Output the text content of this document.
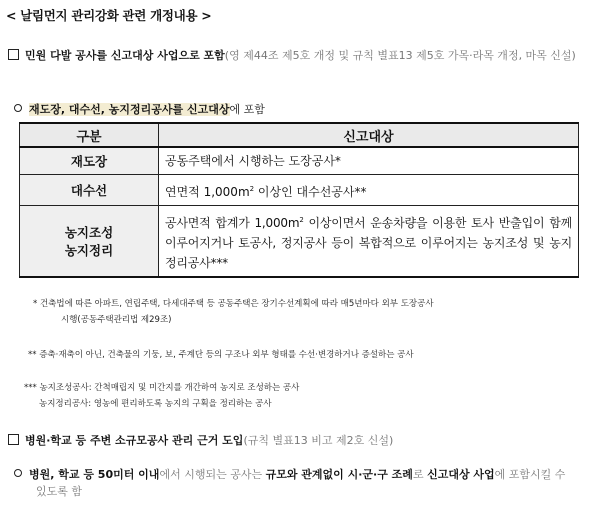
< 날림먼지 관리강화 관련 개정내용 >
민원 다발 공사를 신고대상 사업으로 포함(영 제44조 제5호 개정 및 규칙 별표13 제5호 가목·라목 개정, 마목 신설)
재도장, 대수선, 농지정리공사를 신고대상에 포함
구분	신고대상
재도장	공동주택에서 시행하는 도장공사*
대수선	연면적 $1,000m^2$ 이상인 대수선공사**

농지조성
농지정리	공사면적 합계가 $1,000m^2$ 이상이면서 운송차량을 이용한 토사 반출입이 함께 이루어지거나 토공사, 정지공사 등이 복합적으로 이루어지는 농지조성 및 농지정리공사***
* 건축법에 따른 아파트, 연립주택, 다세대주택 등 공동주택은 장기수선계획에 따라 매5년마다 외부 도장공사
시행(공동주택관리법 제29조)
** 증축·재축이 아닌, 건축물의 기둥, 보, 주계단 등의 구조나 외부 형태를 수선·변경하거나 증설하는 공사
*** 농지조성공사: 간척매립지 및 미간지를 개간하여 농지로 조성하는 공사
농지정리공사: 영농에 편리하도록 농지의 구획을 정리하는 공사
병원·학교 등 주변 소규모공사 관리 근거 도입(규칙 별표13 비고 제2호 신설)
병원, 학교 등 50미터 이내에서 시행되는 공사는 규모와 관계없이 시·군·구 조례로 신고대상 사업에 포함시킬 수
있도록 함
